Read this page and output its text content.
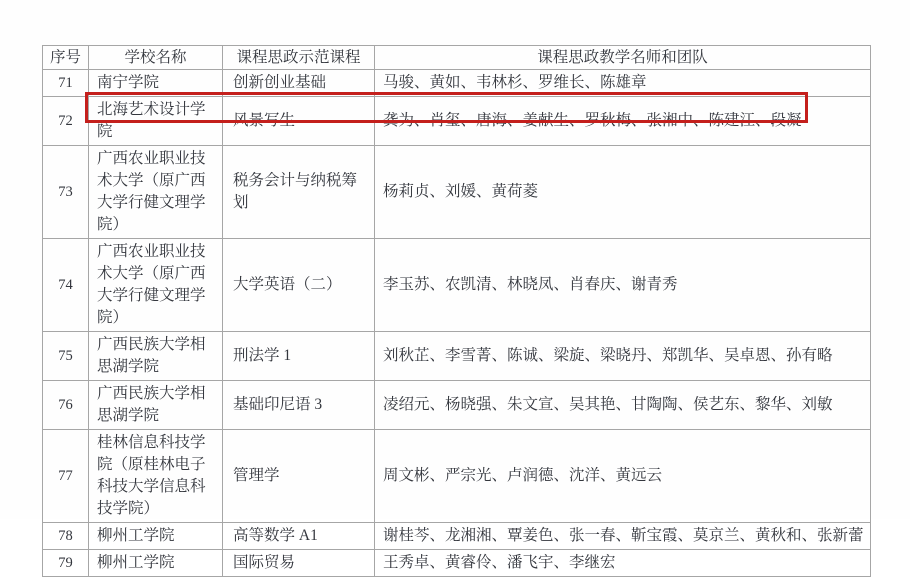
序号	学校名称	课程思政示范课程	课程思政教学名师和团队
71	南宁学院	创新创业基础	马骏、黄如、韦林杉、罗维长、陈雄章
72	北海艺术设计学院	风景写生	龚为、肖玺、唐海、姜献生、罗秋梅、张湘中、陈建江、段凝
73	广西农业职业技术大学（原广西大学行健文理学院）	税务会计与纳税筹划	杨莉贞、刘媛、黄荷菱
74	广西农业职业技术大学（原广西大学行健文理学院）	大学英语（二）	李玉苏、农凯清、林晓凤、肖春庆、谢青秀
75	广西民族大学相思湖学院	刑法学 1	刘秋芷、李雪菁、陈诚、梁旋、梁晓丹、郑凯华、吴卓恩、孙有略
76	广西民族大学相思湖学院	基础印尼语 3	凌绍元、杨晓强、朱文宣、吴其艳、甘陶陶、侯艺东、黎华、刘敏
77	桂林信息科技学院（原桂林电子科技大学信息科技学院）	管理学	周文彬、严宗光、卢润德、沈洋、黄远云
78	柳州工学院	高等数学 A1	谢桂芩、龙湘湘、覃姜色、张一春、靳宝霞、莫京兰、黄秋和、张新蕾
79	柳州工学院	国际贸易	王秀卓、黄睿伶、潘飞宇、李继宏
